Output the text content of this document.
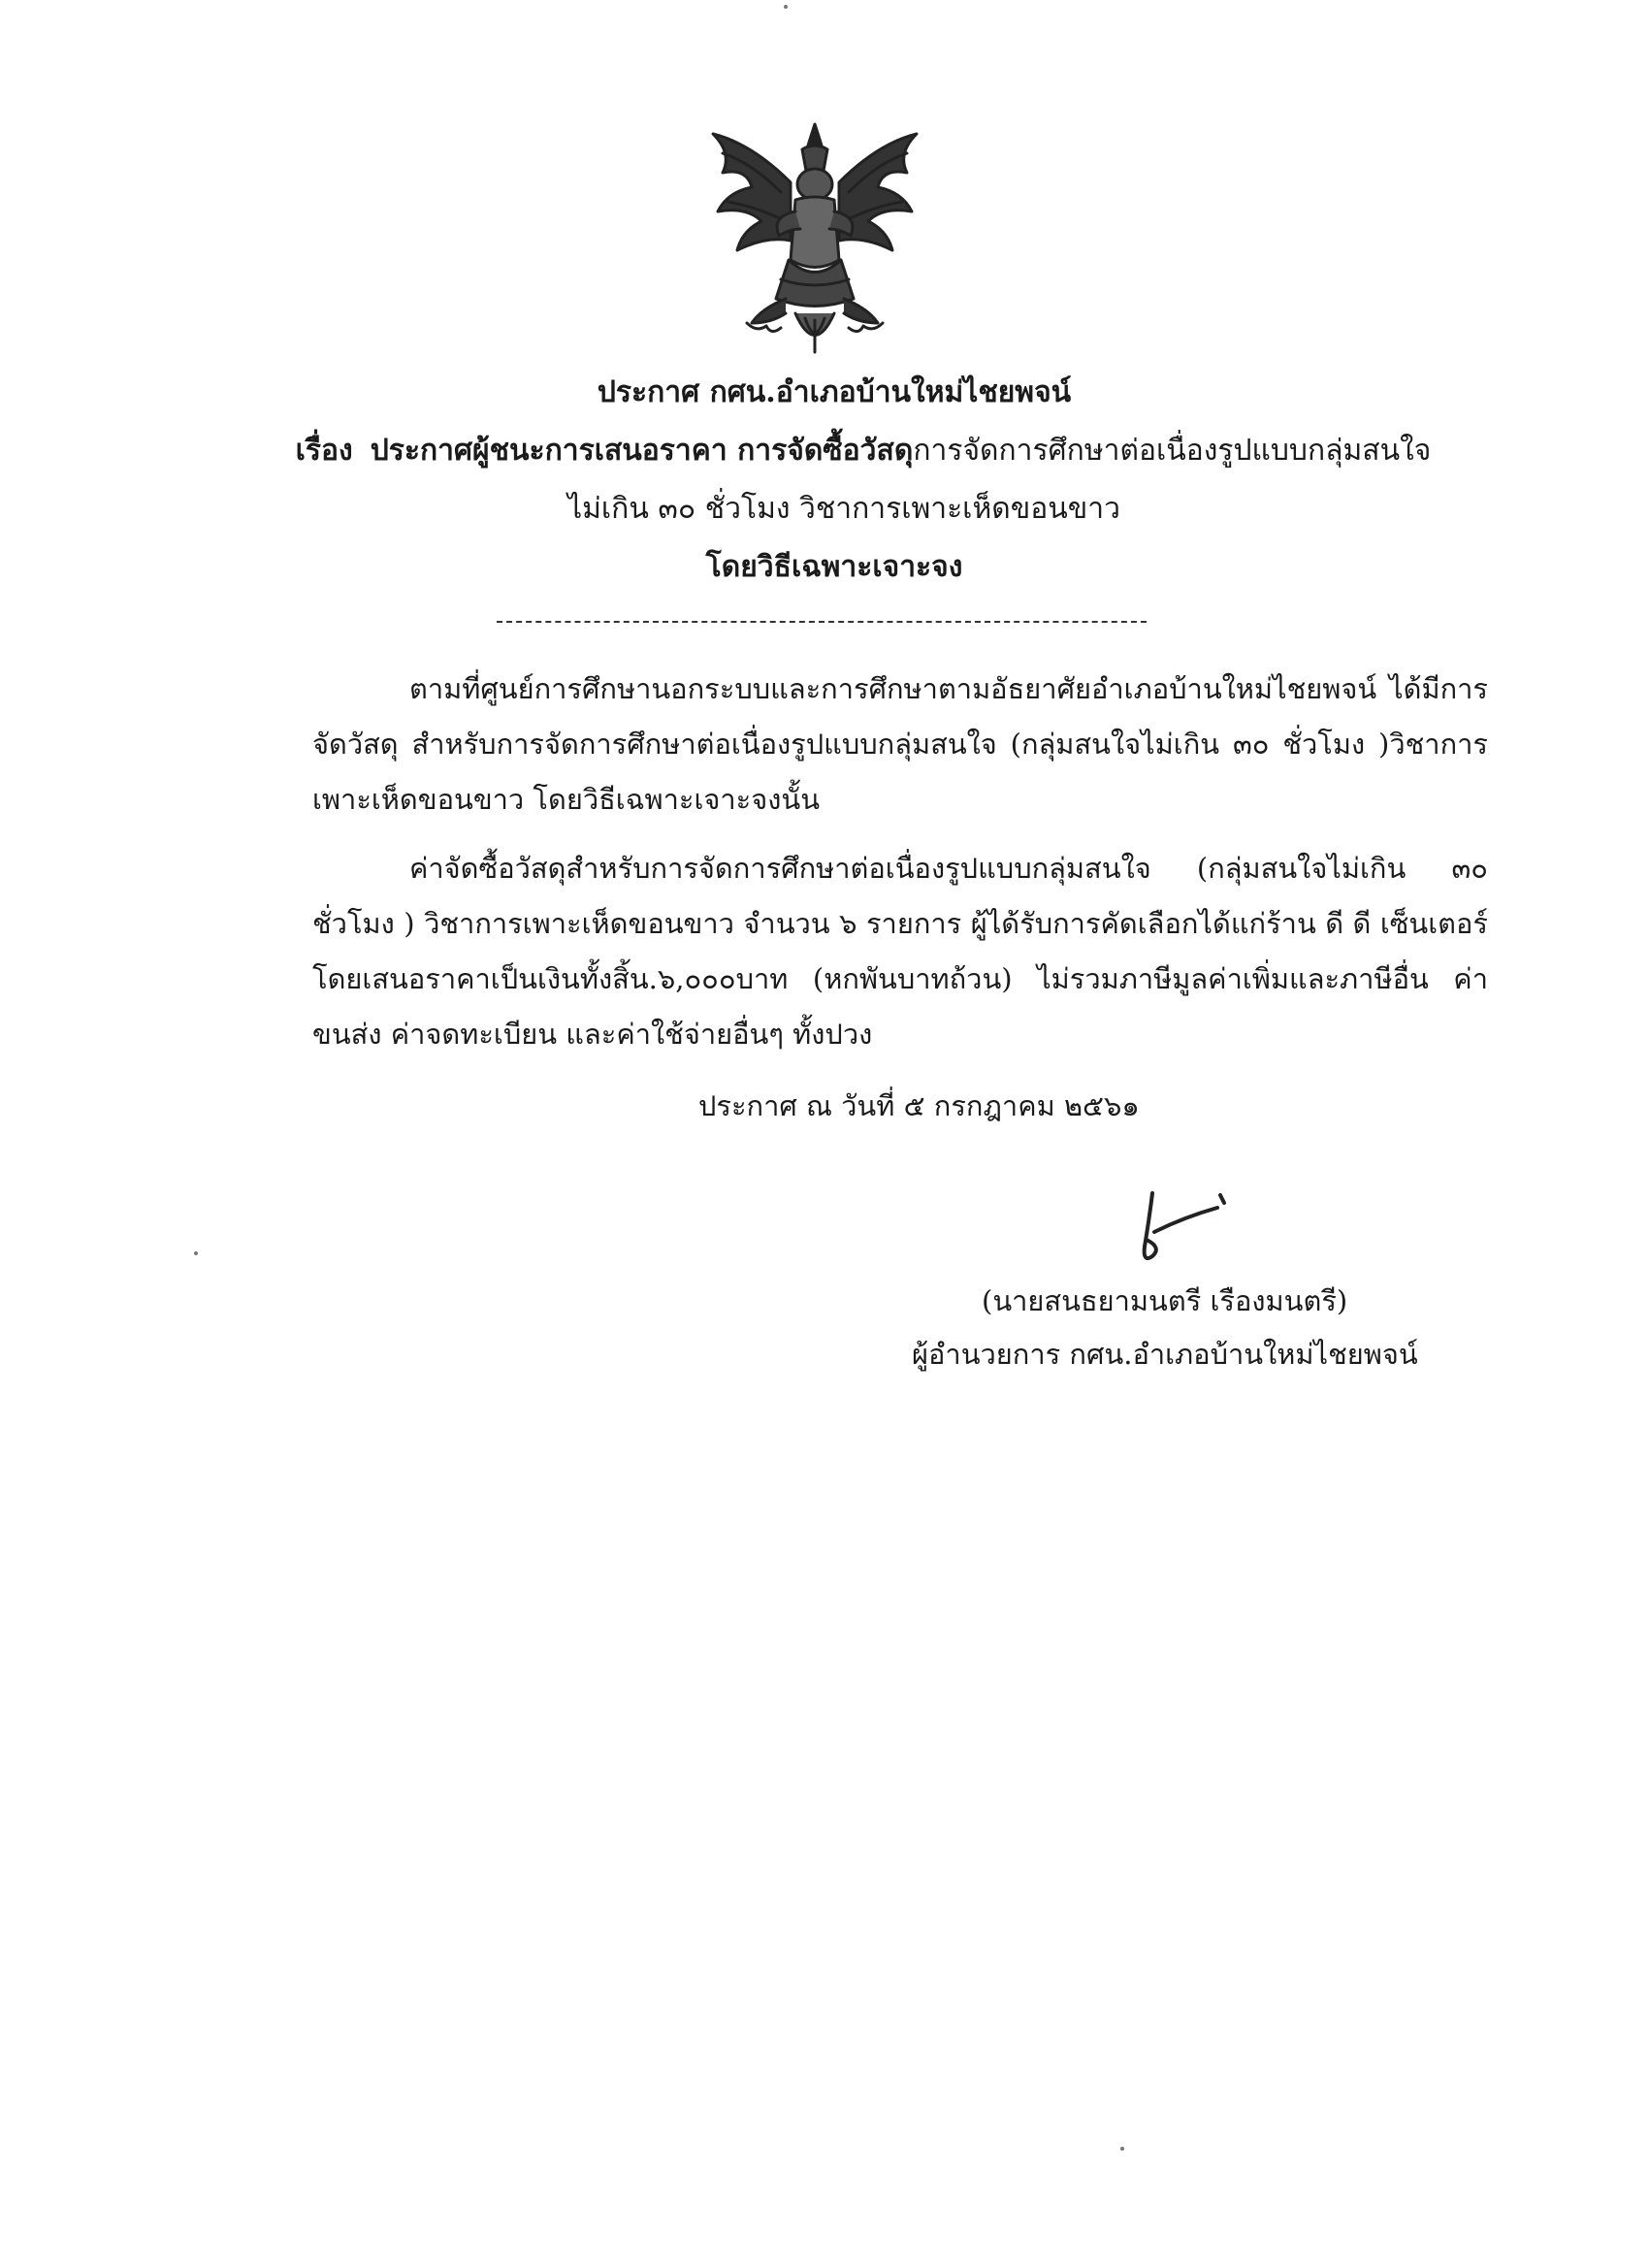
ประกาศ กศน.อำเภอบ้านใหม่ไชยพจน์
เรื่อง ประกาศผู้ชนะการเสนอราคา การจัดซื้อวัสดุการจัดการศึกษาต่อเนื่องรูปแบบกลุ่มสนใจ
ไม่เกิน ๓๐ ชั่วโมง วิชาการเพาะเห็ดขอนขาว
โดยวิธีเฉพาะเจาะจง
ตามที่ศูนย์การศึกษานอกระบบและการศึกษาตามอัธยาศัยอำเภอบ้านใหม่ไชยพจน์ ได้มีการจัดวัสดุ สำหรับการจัดการศึกษาต่อเนื่องรูปแบบกลุ่มสนใจ (กลุ่มสนใจไม่เกิน ๓๐ ชั่วโมง )วิชาการเพาะเห็ดขอนขาว โดยวิธีเฉพาะเจาะจงนั้น
ค่าจัดซื้อวัสดุสำหรับการจัดการศึกษาต่อเนื่องรูปแบบกลุ่มสนใจ (กลุ่มสนใจไม่เกิน ๓๐ ชั่วโมง ) วิชาการเพาะเห็ดขอนขาว จำนวน ๖ รายการ ผู้ได้รับการคัดเลือกได้แก่ร้าน ดี ดี เซ็นเตอร์ โดยเสนอราคาเป็นเงินทั้งสิ้น.๖,๐๐๐บาท (หกพันบาทถ้วน) ไม่รวมภาษีมูลค่าเพิ่มและภาษีอื่น ค่าขนส่ง ค่าจดทะเบียน และค่าใช้จ่ายอื่นๆ ทั้งปวง
ประกาศ ณ วันที่ ๕ กรกฎาคม ๒๕๖๑
(นายสนธยามนตรี เรืองมนตรี)
ผู้อำนวยการ กศน.อำเภอบ้านใหม่ไชยพจน์
